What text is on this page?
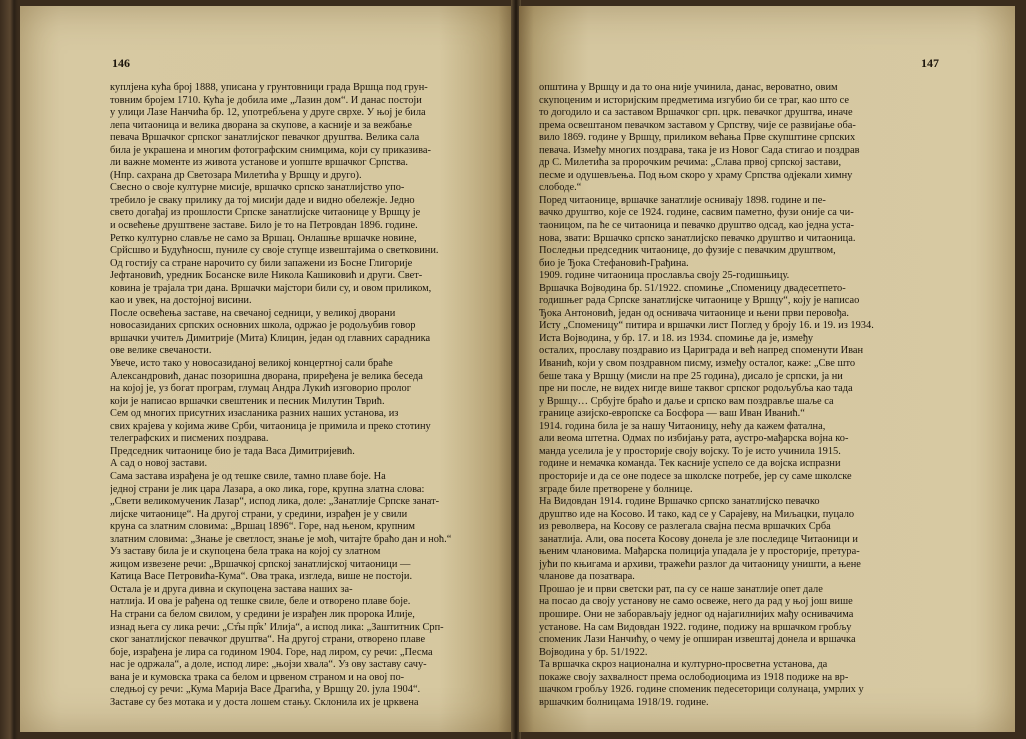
146
куплјена кућа број 1888, уписана у грунтовници града Вршца под грун-
товним бројем 1710. Кућа је добила име „Лазин дом“. И данас постоји
у улици Лазе Нанчића бр. 12, употребљена у друге сврхе. У њој је била
лепа читаоница и велика дворана за скупове, а касније и за вежбање
певача Вршачког српског занатлијског певачког друштва. Велика сала
била је украшена и многим фотографским снимцима, који су приказива-
ли важне моменте из живота установе и уопште вршачког Српства.
(Нпр. сахрана др Светозара Милетића у Вршцу и друго).
Свесно о своје културне мисије, вршачко српско занатлијство упо-
требило је сваку прилику да тој мисији даде и видно обележје. Једно
свето догађај из прошлости Српске занатлијске читаонице у Вршцу је
и освећење друштвене заставе. Било је то на Петровдан 1896. године.
Ретко културно славље не само за Вршац. Онлашње вршачке новине,
Срйсшво и Будућносш, пуниле су своје ступце извештајима о светковини.
Од гостију са стране нарочито су били запажени из Босне Глигорије
Јефтановић, уредник Босанске виле Никола Кашиковић и други. Свет-
ковина је трајала три дана. Вршачки мајстори били су, и овом приликом,
као и увек, на достојној висини.
После освећења заставе, на свечаној седници, у великој дворани
новосазиданих српских основних школа, одржао је родољубив говор
вршачки учитељ Димитрије (Мита) Клицин, један од главних сарадника
ове велике свечаности.
Увече, исто тако у новосазиданој великој концертној сали браће
Александровић, данас позоришна дворана, приређена је велика беседа
на којој је, уз богат програм, глумац Андра Лукић изговорио пролог
који је написао вршачки свештеник и песник Милутин Тврић.
Сем од многих присутних изасланика разних наших установа, из
свих крајева у којима живе Срби, читаоница је примила и преко стотину
телеграфских и писмених поздрава.
Председник читаонице био је тада Васа Димитријевић.
А сад о новој застави.
Сама застава израђена је од тешке свиле, тамно плаве боје. На
једној страни је лик цара Лазара, а око лика, горе, крупна златна слова:
„Свети великомученик Лазар“, испод лика, доле: „Занатлије Српске занат-
лијске читаонице“. На другој страни, у средини, израђен је у свили
круна са златним словима: „Вршац 1896“. Горе, над њеном, крупним
златним словима: „Знање је светлост, знање је моћ, читајте браћо дан и ноћ.“
Уз заставу била је и скупоцена бела трака на којој су златном
жицом извезене речи: „Вршачкој српској занатлијској читаоници —
Катица Васе Петровића-Кума“. Ова трака, изгледа, више не постоји.
Остала је и друга дивна и скупоцена застава наших за-
натлија. И ова је рађена од тешке свиле, беле и отворено плаве боје.
На страни са белом свилом, у средини је израђен лик пророка Илије,
изнад њега су лика речи: „Ст̂ы пр̂кʼ Илија“, а испод лика: „Заштитник Срп-
ског занатлијског певачког друштва“. На другој страни, отворено плаве
боје, израђена је лира са годином 1904. Горе, над лиром, су речи: „Песма
нас је одржала“, а доле, испод лире: „њојзи хвала“. Уз ову заставу сачу-
вана је и кумовска трака са белом и црвеном страном и на овој по-
следњој су речи: „Кума Марија Васе Драгића, у Вршцу 20. јула 1904“.
Заставе су без мотака и у доста лошем стању. Склонила их је црквена
147
општина у Вршцу и да то она није учинила, данас, вероватно, овим
скупоценим и историјским предметима изгубио би се траг, као што се
то догодило и са заставом Вршачког срп. црк. певачког друштва, иначе
према освештаном певачком заставом у Српству, чије се развијање оба-
вило 1869. године у Вршцу, приликом већања Прве скупштине српских
певача. Између многих поздрава, така је из Новог Сада стигао и поздрав
др С. Милетића за пророчким речима: „Слава првој српској застави,
песме и одушевљења. Под њом скоро у храму Српства одјекали химну
слободе.“
Поред читаонице, вршачке занатлије оснивају 1898. године и пе-
вачко друштво, које се 1924. године, сасвим паметно, фузи оније са чи-
таоницом, па ће се читаоница и певачко друштво одсад, као једна уста-
нова, звати: Вршачко српско занатлијско певачко друштво и читаоница.
Последњи председник читаонице, до фузије с певачким друштвом,
био је Ђока Стефановић-Грађина.
1909. године читаоница прославља своју 25-годишњицу.
Вршачка Војводина бр. 51/1922. спомиње „Споменицу двадесетпето-
годишњег рада Српске занатлијске читаонице у Вршцу“, коју је написао
Ђока Антоновић, један од оснивача читаонице и њени први перовођа.
Исту „Споменицу“ питира и вршачки лист Поглед у броју 16. и 19. из 1934.
Иста Војводина, у бр. 17. и 18. из 1934. спомиње да је, између
осталих, прославу поздравио из Цариграда и већ напред споменути Иван
Иванић, који у свом поздравном писму, између осталог, каже: „Све што
беше така у Вршцу (мисли на пре 25 година), дисало је српски, ја ни
пре ни после, не видех нигде више таквог српског родољубља као тада
у Вршцу… Србујте браћо и даље и српско вам поздравље шаље са
границе азијско-европске са Босфора — ваш Иван Иванић.“
1914. година била је за нашу Читаоницу, нећу да кажем фатална,
али веома штетна. Одмах по избијању рата, аустро-мађарска војна ко-
манда уселила је у просторије своју војску. То је исто учинила 1915.
године и немачка команда. Тек касније успело се да војска испразни
просторије и да се оне подесе за школске потребе, јер су саме школске
зграде биле претворене у болнице.
На Видовдан 1914. године Вршачко српско занатлијско певачко
друштво иде на Косово. И тако, кад се у Сарајеву, на Миљацки, пуцало
из револвера, на Косову се разлегала свајна песма вршачких Срба
занатлија. Али, ова посета Косову донела је зле последице Читаоници и
њеним члановима. Мађарска полиција упадала је у просторије, претура-
јући по књигама и архиви, тражећи разлог да читаоницу уништи, а њене
чланове да позатвара.
Прошао је и први светски рат, па су се наше занатлије опет дале
на посао да своју установу не само освеже, него да рад у њој још више
прошире. Они не заборављају једног од најагилнијих мађу оснивачима
установе. На сам Видовдан 1922. године, подижу на вршачком гробљу
споменик Лази Нанчићу, о чему је опширан извештај донела и вршачка
Војводина у бр. 51/1922.
Та вршачка скроз национална и културно-просветна установа, да
покаже своју захвалност према ослободиоцима из 1918 подиже на вр-
шачком гробљу 1926. године споменик педесеторици солунаца, умрлих у
вршачким болницама 1918/19. године.
